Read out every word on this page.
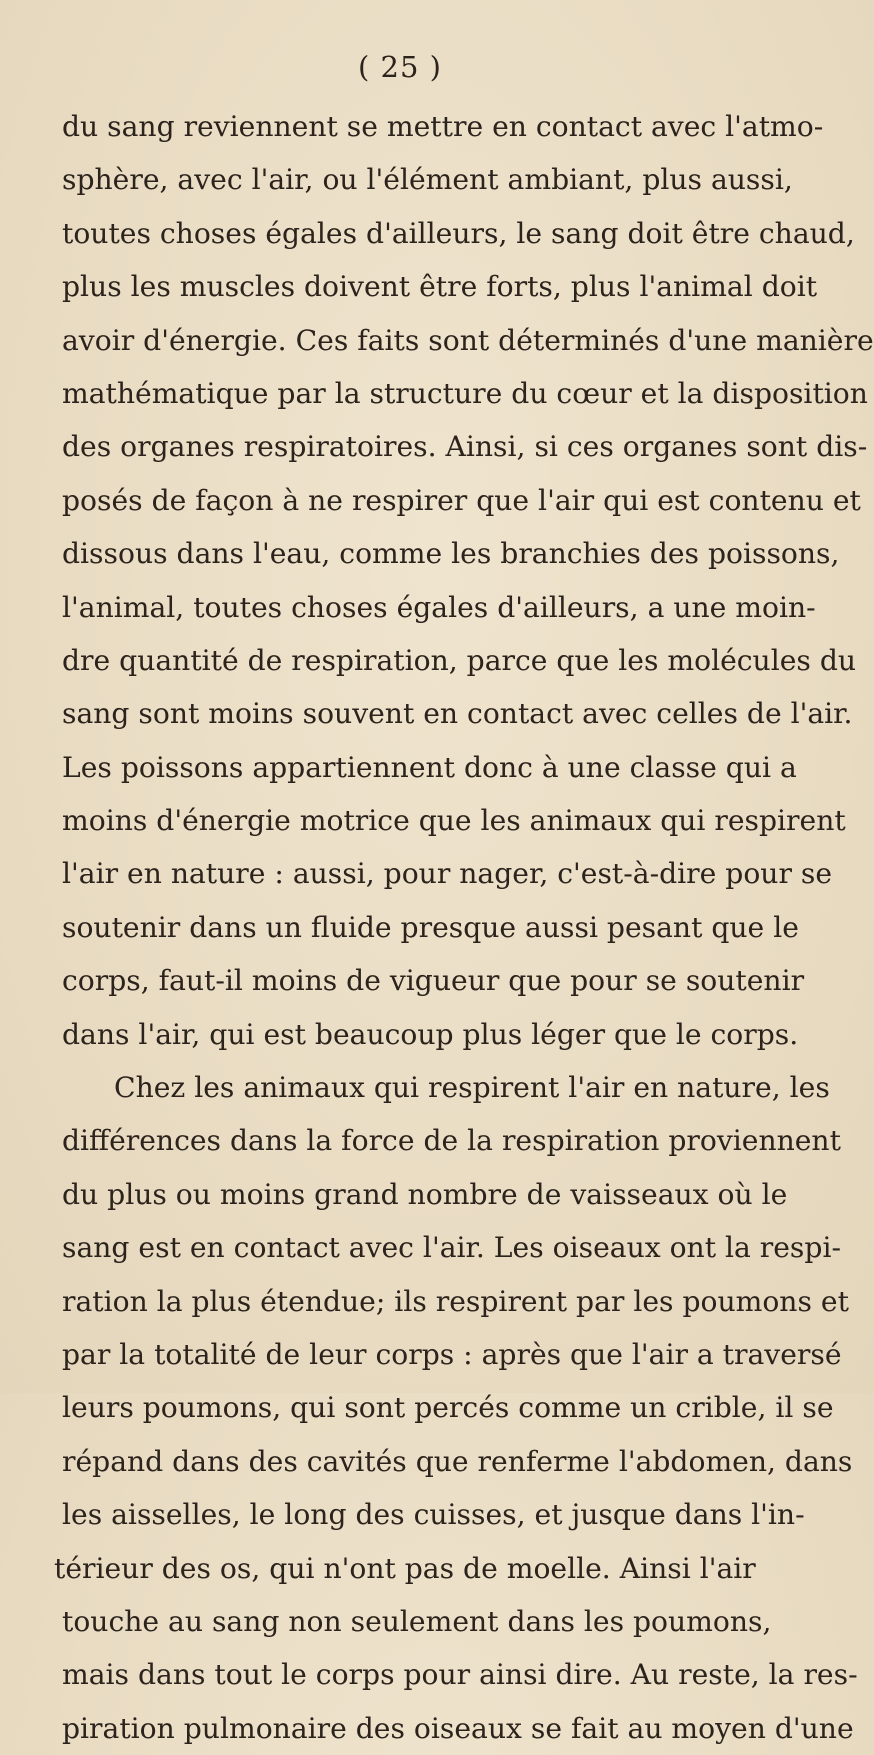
( 25 )
du sang reviennent se mettre en contact avec l'atmo-
sphère, avec l'air, ou l'élément ambiant, plus aussi,
toutes choses égales d'ailleurs, le sang doit être chaud,
plus les muscles doivent être forts, plus l'animal doit
avoir d'énergie. Ces faits sont déterminés d'une manière
mathématique par la structure du cœur et la disposition
des organes respiratoires. Ainsi, si ces organes sont dis-
posés de façon à ne respirer que l'air qui est contenu et
dissous dans l'eau, comme les branchies des poissons,
l'animal, toutes choses égales d'ailleurs, a une moin-
dre quantité de respiration, parce que les molécules du
sang sont moins souvent en contact avec celles de l'air.
Les poissons appartiennent donc à une classe qui a
moins d'énergie motrice que les animaux qui respirent
l'air en nature : aussi, pour nager, c'est-à-dire pour se
soutenir dans un fluide presque aussi pesant que le
corps, faut-il moins de vigueur que pour se soutenir
dans l'air, qui est beaucoup plus léger que le corps.
Chez les animaux qui respirent l'air en nature, les
différences dans la force de la respiration proviennent
du plus ou moins grand nombre de vaisseaux où le
sang est en contact avec l'air. Les oiseaux ont la respi-
ration la plus étendue; ils respirent par les poumons et
par la totalité de leur corps : après que l'air a traversé
leurs poumons, qui sont percés comme un crible, il se
répand dans des cavités que renferme l'abdomen, dans
les aisselles, le long des cuisses, et jusque dans l'in-
térieur des os, qui n'ont pas de moelle. Ainsi l'air
touche au sang non seulement dans les poumons,
mais dans tout le corps pour ainsi dire. Au reste, la res-
piration pulmonaire des oiseaux se fait au moyen d'une
